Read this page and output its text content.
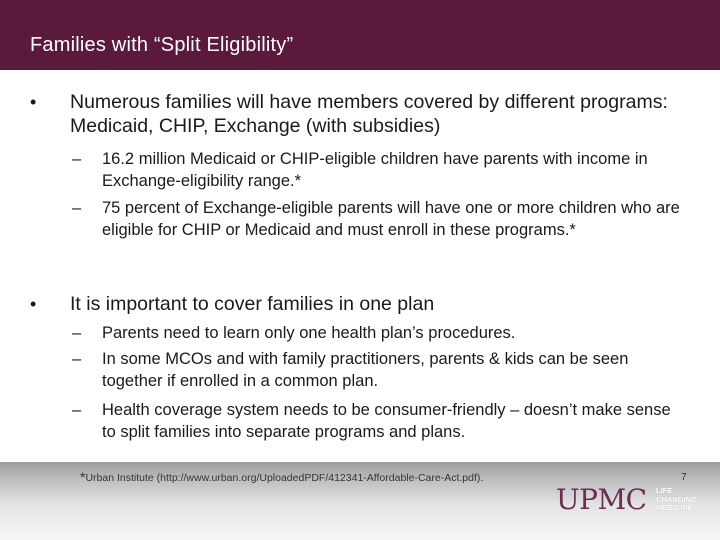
Families with “Split Eligibility”
• Numerous families will have members covered by different programs: Medicaid, CHIP, Exchange (with subsidies)
– 16.2 million Medicaid or CHIP-eligible children have parents with income in Exchange-eligibility range.*
– 75 percent of Exchange-eligible parents will have one or more children who are eligible for CHIP or Medicaid and must enroll in these programs.*
• It is important to cover families in one plan
– Parents need to learn only one health plan’s procedures.
– In some MCOs and with family practitioners, parents & kids can be seen together if enrolled in a common plan.
– Health coverage system needs to be consumer-friendly – doesn’t make sense to split families into separate programs and plans.
*Urban Institute (http://www.urban.org/UploadedPDF/412341-Affordable-Care-Act.pdf).
UPMC LIFE
CHANGING
MEDICINE
7
